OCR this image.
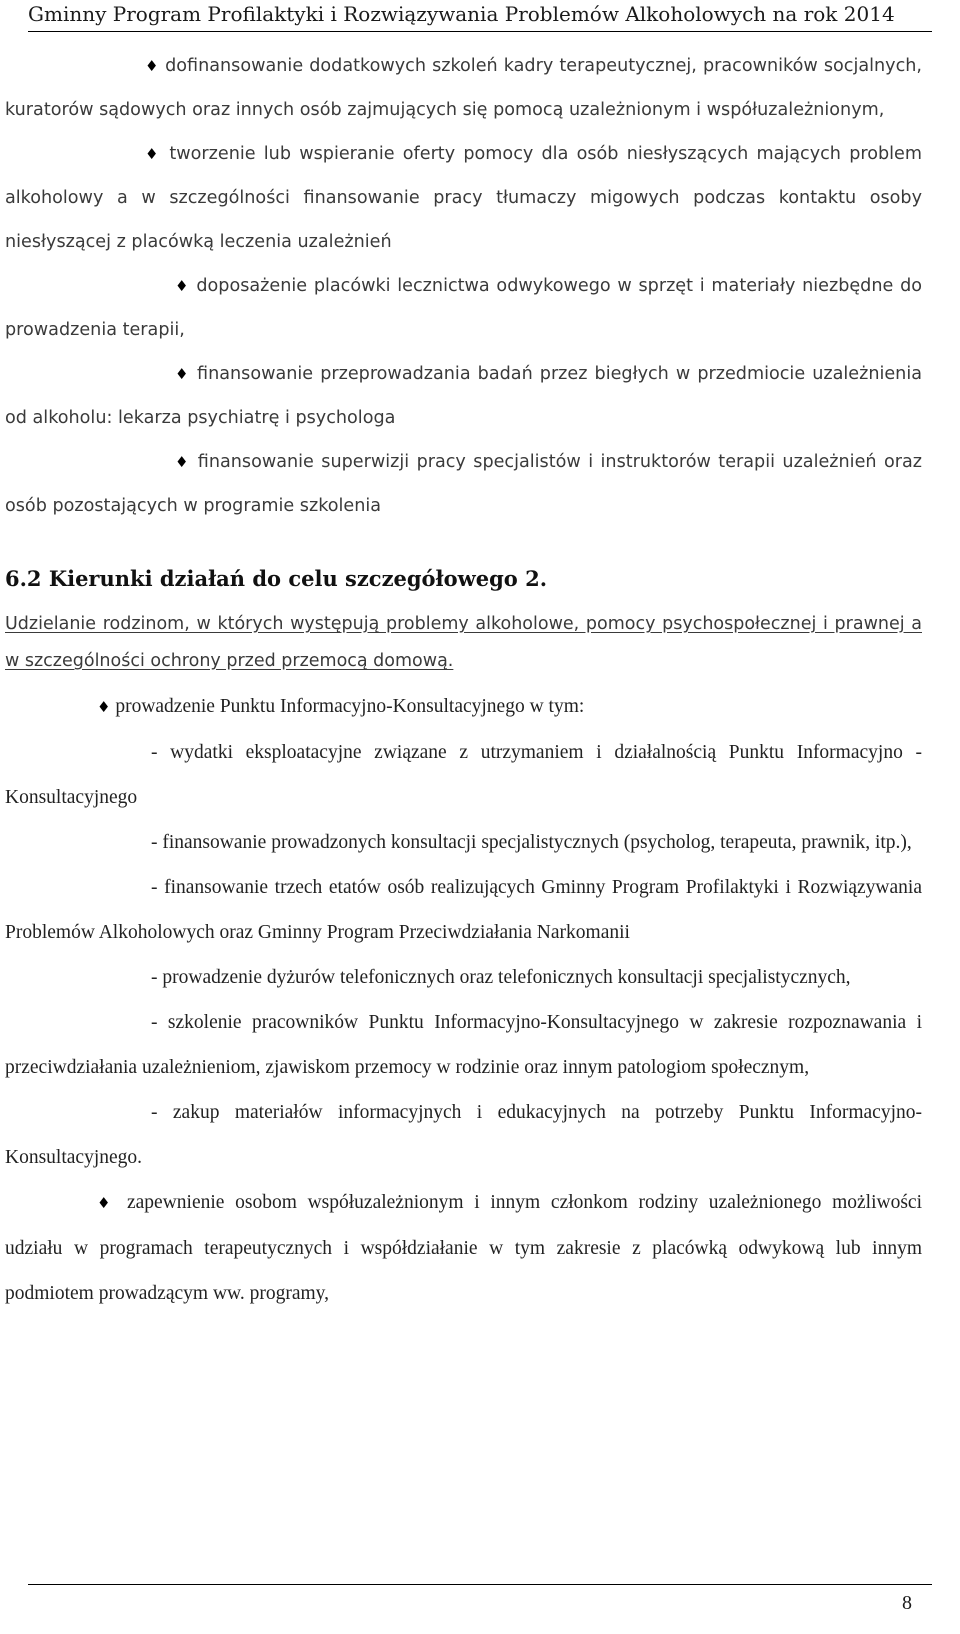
Gminny Program Profilaktyki i Rozwiązywania Problemów Alkoholowych na rok 2014

♦ dofinansowanie dodatkowych szkoleń kadry terapeutycznej, pracowników socjalnych, kuratorów sądowych oraz innych osób zajmujących się pomocą uzależnionym i współuzależnionym,

♦ tworzenie lub wspieranie oferty pomocy dla osób niesłyszących mających problem alkoholowy a w szczególności finansowanie pracy tłumaczy migowych podczas kontaktu osoby niesłyszącej z placówką leczenia uzależnień

♦ doposażenie placówki lecznictwa odwykowego w sprzęt i materiały niezbędne do prowadzenia terapii,

♦ finansowanie przeprowadzania badań przez biegłych w przedmiocie uzależnienia od alkoholu: lekarza psychiatrę i psychologa

♦ finansowanie superwizji pracy specjalistów i instruktorów terapii uzależnień oraz osób pozostających w programie szkolenia

6.2 Kierunki działań do celu szczegółowego 2.

Udzielanie rodzinom, w których występują problemy alkoholowe, pomocy psychospołecznej i prawnej a w szczególności ochrony przed przemocą domową.

♦ prowadzenie Punktu Informacyjno-Konsultacyjnego w tym:

- wydatki eksploatacyjne związane z utrzymaniem i działalnością Punktu Informacyjno -Konsultacyjnego

- finansowanie prowadzonych konsultacji specjalistycznych (psycholog, terapeuta, prawnik, itp.),

- finansowanie trzech etatów osób realizujących Gminny Program Profilaktyki i Rozwiązywania Problemów Alkoholowych oraz Gminny Program Przeciwdziałania Narkomanii

- prowadzenie dyżurów telefonicznych oraz telefonicznych konsultacji specjalistycznych,

- szkolenie pracowników Punktu Informacyjno-Konsultacyjnego w zakresie rozpoznawania i przeciwdziałania uzależnieniom, zjawiskom przemocy w rodzinie oraz innym patologiom społecznym,

- zakup materiałów informacyjnych i edukacyjnych na potrzeby Punktu Informacyjno-Konsultacyjnego.

♦ zapewnienie osobom współuzależnionym i innym członkom rodziny uzależnionego możliwości udziału w programach terapeutycznych i współdziałanie w tym zakresie z placówką odwykową lub innym podmiotem prowadzącym ww. programy,

8
